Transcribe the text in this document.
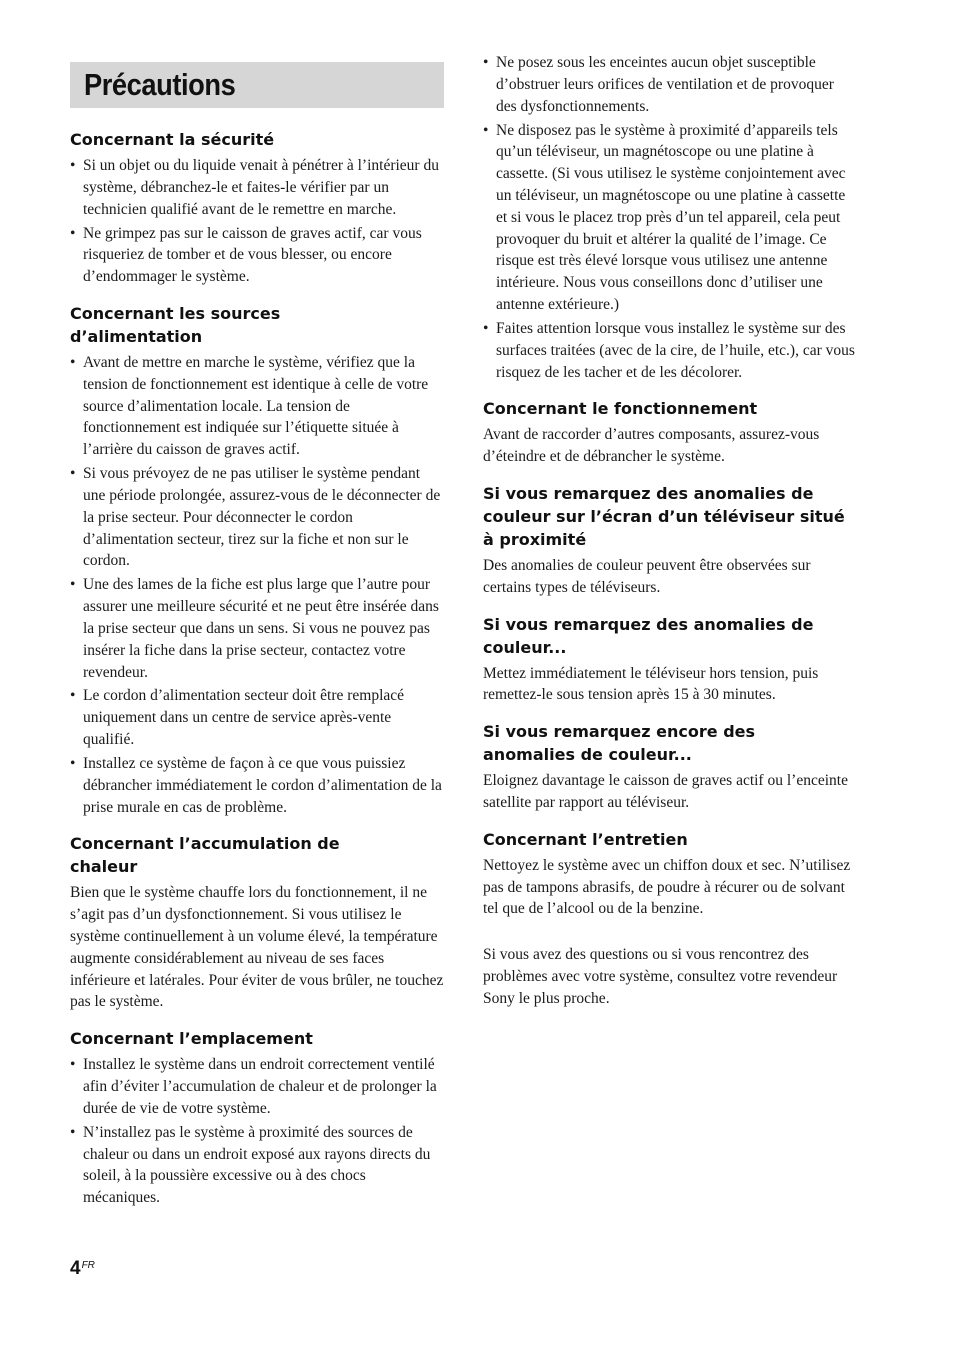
Précautions
Concernant la sécurité
• Si un objet ou du liquide venait à pénétrer à l’intérieur du système, débranchez-le et faites-le vérifier par un technicien qualifié avant de le remettre en marche.
• Ne grimpez pas sur le caisson de graves actif, car vous risqueriez de tomber et de vous blesser, ou encore d’endommager le système.
Concernant les sources d’alimentation
• Avant de mettre en marche le système, vérifiez que la tension de fonctionnement est identique à celle de votre source d’alimentation locale. La tension de fonctionnement est indiquée sur l’étiquette située à l’arrière du caisson de graves actif.
• Si vous prévoyez de ne pas utiliser le système pendant une période prolongée, assurez-vous de le déconnecter de la prise secteur. Pour déconnecter le cordon d’alimentation secteur, tirez sur la fiche et non sur le cordon.
• Une des lames de la fiche est plus large que l’autre pour assurer une meilleure sécurité et ne peut être insérée dans la prise secteur que dans un sens. Si vous ne pouvez pas insérer la fiche dans la prise secteur, contactez votre revendeur.
• Le cordon d’alimentation secteur doit être remplacé uniquement dans un centre de service après-vente qualifié.
• Installez ce système de façon à ce que vous puissiez débrancher immédiatement le cordon d’alimentation de la prise murale en cas de problème.
Concernant l’accumulation de chaleur

Bien que le système chauffe lors du fonctionnement, il ne s’agit pas d’un dysfonctionnement. Si vous utilisez le système continuellement à un volume élevé, la température augmente considérablement au niveau de ses faces inférieure et latérales. Pour éviter de vous brûler, ne touchez pas le système.

Concernant l’emplacement
• Installez le système dans un endroit correctement ventilé afin d’éviter l’accumulation de chaleur et de prolonger la durée de vie de votre système.
• N’installez pas le système à proximité des sources de chaleur ou dans un endroit exposé aux rayons directs du soleil, à la poussière excessive ou à des chocs mécaniques.
• Ne posez sous les enceintes aucun objet susceptible d’obstruer leurs orifices de ventilation et de provoquer des dysfonctionnements.
• Ne disposez pas le système à proximité d’appareils tels qu’un téléviseur, un magnétoscope ou une platine à cassette. (Si vous utilisez le système conjointement avec un téléviseur, un magnétoscope ou une platine à cassette et si vous le placez trop près d’un tel appareil, cela peut provoquer du bruit et altérer la qualité de l’image. Ce risque est très élevé lorsque vous utilisez une antenne intérieure. Nous vous conseillons donc d’utiliser une antenne extérieure.)
• Faites attention lorsque vous installez le système sur des surfaces traitées (avec de la cire, de l’huile, etc.), car vous risquez de les tacher et de les décolorer.
Concernant le fonctionnement

Avant de raccorder d’autres composants, assurez-vous d’éteindre et de débrancher le système.

Si vous remarquez des anomalies de couleur sur l’écran d’un téléviseur situé à proximité

Des anomalies de couleur peuvent être observées sur certains types de téléviseurs.

Si vous remarquez des anomalies de couleur...

Mettez immédiatement le téléviseur hors tension, puis remettez-le sous tension après 15 à 30 minutes.

Si vous remarquez encore des anomalies de couleur...

Eloignez davantage le caisson de graves actif ou l’enceinte satellite par rapport au téléviseur.

Concernant l’entretien

Nettoyez le système avec un chiffon doux et sec. N’utilisez pas de tampons abrasifs, de poudre à récurer ou de solvant tel que de l’alcool ou de la benzine.

Si vous avez des questions ou si vous rencontrez des problèmes avec votre système, consultez votre revendeur Sony le plus proche.

$4^{FR}$
